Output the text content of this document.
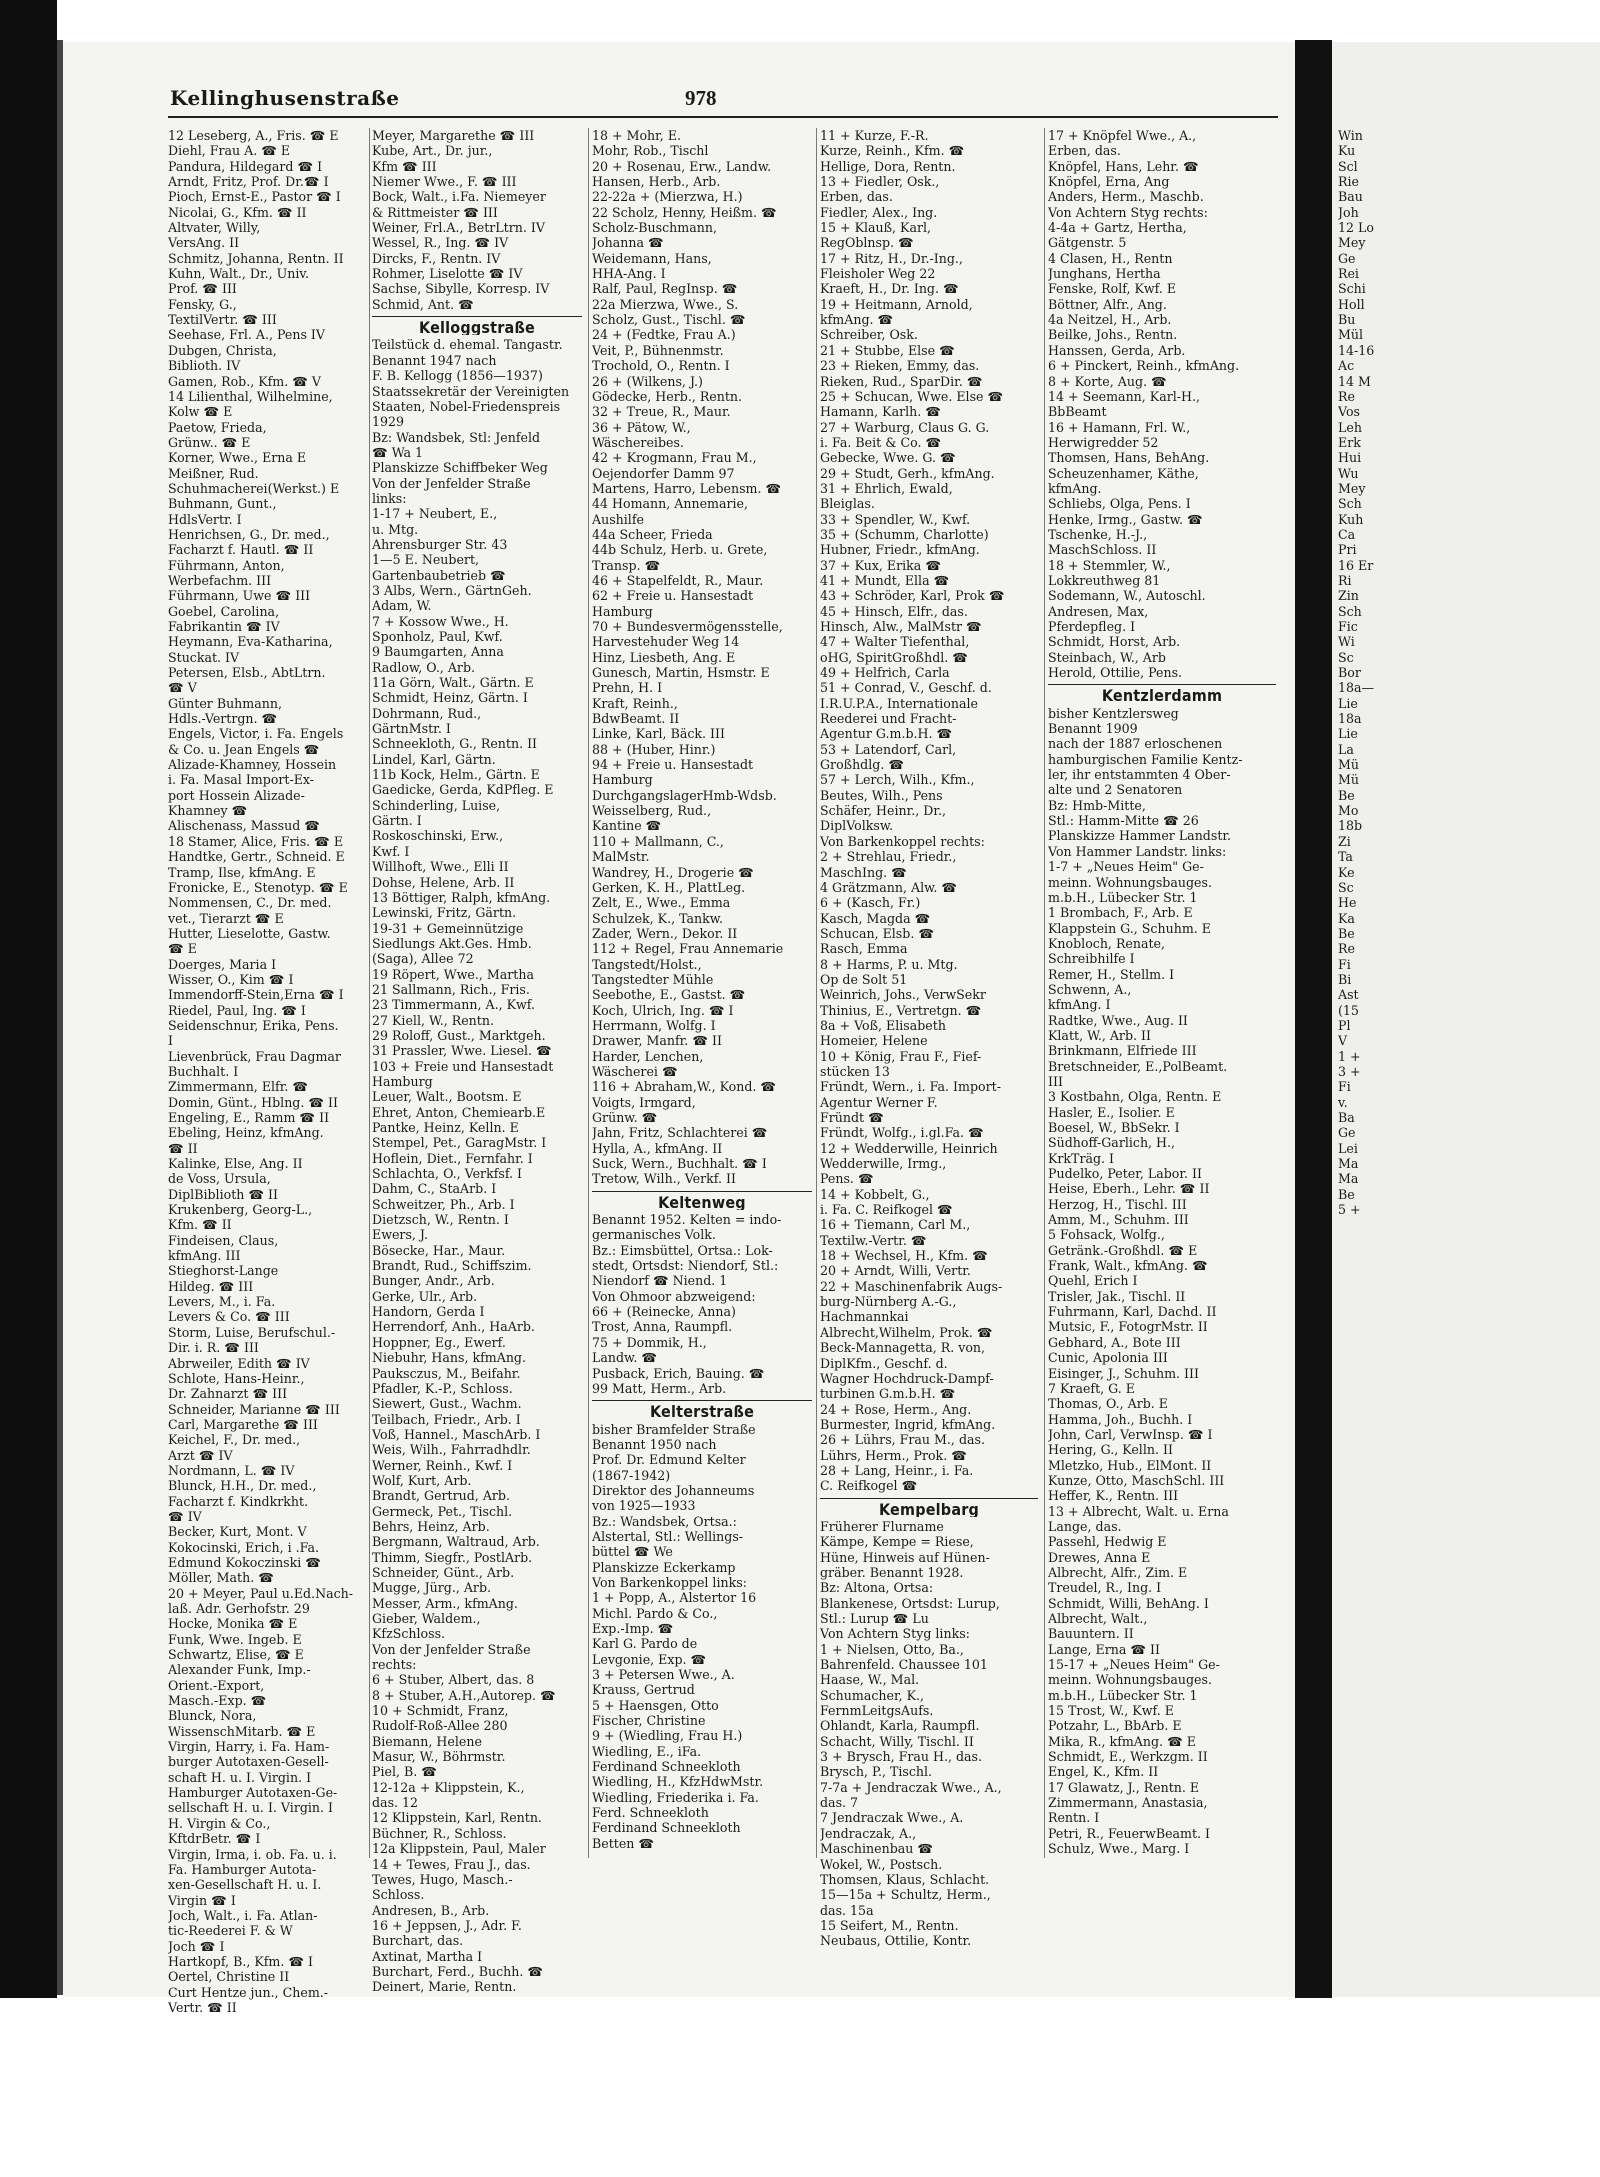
Kellinghusenstraße	978
12 Leseberg, A., Fris. ☎ E
Diehl, Frau A. ☎ E
Pandura, Hildegard ☎ I
Arndt, Fritz, Prof. Dr.☎ I
Pioch, Ernst-E., Pastor ☎ I
Nicolai, G., Kfm. ☎ II
Altvater, Willy,
VersAng. II
Schmitz, Johanna, Rentn. II
Kuhn, Walt., Dr., Univ.
Prof. ☎ III
Fensky, G.,
TextilVertr. ☎ III
Seehase, Frl. A., Pens IV
Dubgen, Christa,
Biblioth. IV
Gamen, Rob., Kfm. ☎ V
14 Lilienthal, Wilhelmine,
Kolw ☎ E
Paetow, Frieda,
Grünw.. ☎ E
Korner, Wwe., Erna E
Meißner, Rud.
Schuhmacherei(Werkst.) E
Buhmann, Gunt.,
HdlsVertr. I
Henrichsen, G., Dr. med.,
Facharzt f. Hautl. ☎ II
Führmann, Anton,
Werbefachm. III
Führmann, Uwe ☎ III
Goebel, Carolina,
Fabrikantin ☎ IV
Heymann, Eva-Katharina,
Stuckat. IV
Petersen, Elsb., AbtLtrn.
☎ V
Günter Buhmann,
Hdls.-Vertrgn. ☎
Engels, Victor, i. Fa. Engels
& Co. u. Jean Engels ☎
Alizade-Khamney, Hossein
i. Fa. Masal Import-Ex-
port Hossein Alizade-
Khamney ☎
Alischenass, Massud ☎
18 Stamer, Alice, Fris. ☎ E
Handtke, Gertr., Schneid. E
Tramp, Ilse, kfmAng. E
Fronicke, E., Stenotyp. ☎ E
Nommensen, C., Dr. med.
vet., Tierarzt ☎ E
Hutter, Lieselotte, Gastw.
☎ E
Doerges, Maria I
Wisser, O., Kim ☎ I
Immendorff-Stein,Erna ☎ I
Riedel, Paul, Ing. ☎ I
Seidenschnur, Erika, Pens.
I
Lievenbrück, Frau Dagmar
Buchhalt. I
Zimmermann, Elfr. ☎
Domin, Günt., Hblng. ☎ II
Engeling, E., Ramm ☎ II
Ebeling, Heinz, kfmAng.
☎ II
Kalinke, Else, Ang. II
de Voss, Ursula,
DiplBiblioth ☎ II
Krukenberg, Georg-L.,
Kfm. ☎ II
Findeisen, Claus,
kfmAng. III
Stieghorst-Lange
Hildeg. ☎ III
Levers, M., i. Fa.
Levers & Co. ☎ III
Storm, Luise, Berufschul.-
Dir. i. R. ☎ III
Abrweiler, Edith ☎ IV
Schlote, Hans-Heinr.,
Dr. Zahnarzt ☎ III
Schneider, Marianne ☎ III
Carl, Margarethe ☎ III
Keichel, F., Dr. med.,
Arzt ☎ IV
Nordmann, L. ☎ IV
Blunck, H.H., Dr. med.,
Facharzt f. Kindkrkht.
☎ IV
Becker, Kurt, Mont. V
Kokocinski, Erich, i .Fa.
Edmund Kokoczinski ☎
Möller, Math. ☎
20 + Meyer, Paul u.Ed.Nach-
laß. Adr. Gerhofstr. 29
Hocke, Monika ☎ E
Funk, Wwe. Ingeb. E
Schwartz, Elise, ☎ E
Alexander Funk, Imp.-
Orient.-Export,
Masch.-Exp. ☎
Blunck, Nora,
WissenschMitarb. ☎ E
Virgin, Harry, i. Fa. Ham-
burger Autotaxen-Gesell-
schaft H. u. I. Virgin. I
Hamburger Autotaxen-Ge-
sellschaft H. u. I. Virgin. I
H. Virgin & Co.,
KftdrBetr. ☎ I
Virgin, Irma, i. ob. Fa. u. i.
Fa. Hamburger Autota-
xen-Gesellschaft H. u. I.
Virgin ☎ I
Joch, Walt., i. Fa. Atlan-
tic-Reederei F. & W
Joch ☎ I
Hartkopf, B., Kfm. ☎ I
Oertel, Christine II
Curt Hentze jun., Chem.-
Vertr. ☎ II
Meyer, Margarethe ☎ III
Kube, Art., Dr. jur.,
Kfm ☎ III
Niemer Wwe., F. ☎ III
Bock, Walt., i.Fa. Niemeyer
& Rittmeister ☎ III
Weiner, Frl.A., BetrLtrn. IV
Wessel, R., Ing. ☎ IV
Dircks, F., Rentn. IV
Rohmer, Liselotte ☎ IV
Sachse, Sibylle, Korresp. IV
Schmid, Ant. ☎
Kelloggstraße
Teilstück d. ehemal. Tangastr.
Benannt 1947 nach
F. B. Kellogg (1856—1937)
Staatssekretär der Vereinigten
Staaten, Nobel-Friedenspreis
1929
Bz: Wandsbek, Stl: Jenfeld
☎ Wa 1
Planskizze Schiffbeker Weg
Von der Jenfelder Straße
links:
1-17 + Neubert, E.,
u. Mtg.
Ahrensburger Str. 43
1—5 E. Neubert,
Gartenbaubetrieb ☎
3 Albs, Wern., GärtnGeh.
Adam, W.
7 + Kossow Wwe., H.
Sponholz, Paul, Kwf.
9 Baumgarten, Anna
Radlow, O., Arb.
11a Görn, Walt., Gärtn. E
Schmidt, Heinz, Gärtn. I
Dohrmann, Rud.,
GärtnMstr. I
Schneekloth, G., Rentn. II
Lindel, Karl, Gärtn.
11b Kock, Helm., Gärtn. E
Gaedicke, Gerda, KdPfleg. E
Schinderling, Luise,
Gärtn. I
Roskoschinski, Erw.,
Kwf. I
Willhoft, Wwe., Elli II
Dohse, Helene, Arb. II
13 Böttiger, Ralph, kfmAng.
Lewinski, Fritz, Gärtn.
19-31 + Gemeinnützige
Siedlungs Akt.Ges. Hmb.
(Saga), Allee 72
19 Röpert, Wwe., Martha
21 Sallmann, Rich., Fris.
23 Timmermann, A., Kwf.
27 Kiell, W., Rentn.
29 Roloff, Gust., Marktgeh.
31 Prassler, Wwe. Liesel. ☎
103 + Freie und Hansestadt
Hamburg
Leuer, Walt., Bootsm. E
Ehret, Anton, Chemiearb.E
Pantke, Heinz, Kelln. E
Stempel, Pet., GaragMstr. I
Hoflein, Diet., Fernfahr. I
Schlachta, O., Verkfsf. I
Dahm, C., StaArb. I
Schweitzer, Ph., Arb. I
Dietzsch, W., Rentn. I
Ewers, J.
Bösecke, Har., Maur.
Brandt, Rud., Schiffszim.
Bunger, Andr., Arb.
Gerke, Ulr., Arb.
Handorn, Gerda I
Herrendorf, Anh., HaArb.
Hoppner, Eg., Ewerf.
Niebuhr, Hans, kfmAng.
Pauksczus, M., Beifahr.
Pfadler, K.-P., Schloss.
Siewert, Gust., Wachm.
Teilbach, Friedr., Arb. I
Voß, Hannel., MaschArb. I
Weis, Wilh., Fahrradhdlr.
Werner, Reinh., Kwf. I
Wolf, Kurt, Arb.
Brandt, Gertrud, Arb.
Germeck, Pet., Tischl.
Behrs, Heinz, Arb.
Bergmann, Waltraud, Arb.
Thimm, Siegfr., PostlArb.
Schneider, Günt., Arb.
Mugge, Jürg., Arb.
Messer, Arm., kfmAng.
Gieber, Waldem.,
KfzSchloss.
Von der Jenfelder Straße
rechts:
6 + Stuber, Albert, das. 8
8 + Stuber, A.H.,Autorep. ☎
10 + Schmidt, Franz,
Rudolf-Roß-Allee 280
Biemann, Helene
Masur, W., Böhrmstr.
Piel, B. ☎
12-12a + Klippstein, K.,
das. 12
12 Klippstein, Karl, Rentn.
Büchner, R., Schloss.
12a Klippstein, Paul, Maler
14 + Tewes, Frau J., das.
Tewes, Hugo, Masch.-
Schloss.
Andresen, B., Arb.
16 + Jeppsen, J., Adr. F.
Burchart, das.
Axtinat, Martha I
Burchart, Ferd., Buchh. ☎
Deinert, Marie, Rentn.
18 + Mohr, E.
Mohr, Rob., Tischl
20 + Rosenau, Erw., Landw.
Hansen, Herb., Arb.
22-22a + (Mierzwa, H.)
22 Scholz, Henny, Heißm. ☎
Scholz-Buschmann,
Johanna ☎
Weidemann, Hans,
HHA-Ang. I
Ralf, Paul, RegInsp. ☎
22a Mierzwa, Wwe., S.
Scholz, Gust., Tischl. ☎
24 + (Fedtke, Frau A.)
Veit, P., Bühnenmstr.
Trochold, O., Rentn. I
26 + (Wilkens, J.)
Gödecke, Herb., Rentn.
32 + Treue, R., Maur.
36 + Pätow, W.,
Wäschereibes.
42 + Krogmann, Frau M.,
Oejendorfer Damm 97
Martens, Harro, Lebensm. ☎
44 Homann, Annemarie,
Aushilfe
44a Scheer, Frieda
44b Schulz, Herb. u. Grete,
Transp. ☎
46 + Stapelfeldt, R., Maur.
62 + Freie u. Hansestadt
Hamburg
70 + Bundesvermögensstelle,
Harvestehuder Weg 14
Hinz, Liesbeth, Ang. E
Gunesch, Martin, Hsmstr. E
Prehn, H. I
Kraft, Reinh.,
BdwBeamt. II
Linke, Karl, Bäck. III
88 + (Huber, Hinr.)
94 + Freie u. Hansestadt
Hamburg
DurchgangslagerHmb-Wdsb.
Weisselberg, Rud.,
Kantine ☎
110 + Mallmann, C.,
MalMstr.
Wandrey, H., Drogerie ☎
Gerken, K. H., PlattLeg.
Zelt, E., Wwe., Emma
Schulzek, K., Tankw.
Zader, Wern., Dekor. II
112 + Regel, Frau Annemarie
Tangstedt/Holst.,
Tangstedter Mühle
Seebothe, E., Gastst. ☎
Koch, Ulrich, Ing. ☎ I
Herrmann, Wolfg. I
Drawer, Manfr. ☎ II
Harder, Lenchen,
Wäscherei ☎
116 + Abraham,W., Kond. ☎
Voigts, Irmgard,
Grünw. ☎
Jahn, Fritz, Schlachterei ☎
Hylla, A., kfmAng. II
Suck, Wern., Buchhalt. ☎ I
Tretow, Wilh., Verkf. II
Keltenweg
Benannt 1952. Kelten = indo-
germanisches Volk.
Bz.: Eimsbüttel, Ortsa.: Lok-
stedt, Ortsdst: Niendorf, Stl.:
Niendorf ☎ Niend. 1
Von Ohmoor abzweigend:
66 + (Reinecke, Anna)
Trost, Anna, Raumpfl.
75 + Dommik, H.,
Landw. ☎
Pusback, Erich, Bauing. ☎
99 Matt, Herm., Arb.
Kelterstraße
bisher Bramfelder Straße
Benannt 1950 nach
Prof. Dr. Edmund Kelter
(1867-1942)
Direktor des Johanneums
von 1925—1933
Bz.: Wandsbek, Ortsa.:
Alstertal, Stl.: Wellings-
büttel ☎ We
Planskizze Eckerkamp
Von Barkenkoppel links:
1 + Popp, A., Alstertor 16
Michl. Pardo & Co.,
Exp.-Imp. ☎
Karl G. Pardo de
Levgonie, Exp. ☎
3 + Petersen Wwe., A.
Krauss, Gertrud
5 + Haensgen, Otto
Fischer, Christine
9 + (Wiedling, Frau H.)
Wiedling, E., iFa.
Ferdinand Schneekloth
Wiedling, H., KfzHdwMstr.
Wiedling, Friederika i. Fa.
Ferd. Schneekloth
Ferdinand Schneekloth
Betten ☎
11 + Kurze, F.-R.
Kurze, Reinh., Kfm. ☎
Hellige, Dora, Rentn.
13 + Fiedler, Osk.,
Erben, das.
Fiedler, Alex., Ing.
15 + Klauß, Karl,
RegOblnsp. ☎
17 + Ritz, H., Dr.-Ing.,
Fleisholer Weg 22
Kraeft, H., Dr. Ing. ☎
19 + Heitmann, Arnold,
kfmAng. ☎
Schreiber, Osk.
21 + Stubbe, Else ☎
23 + Rieken, Emmy, das.
Rieken, Rud., SparDir. ☎
25 + Schucan, Wwe. Else ☎
Hamann, Karlh. ☎
27 + Warburg, Claus G. G.
i. Fa. Beit & Co. ☎
Gebecke, Wwe. G. ☎
29 + Studt, Gerh., kfmAng.
31 + Ehrlich, Ewald,
Bleiglas.
33 + Spendler, W., Kwf.
35 + (Schumm, Charlotte)
Hubner, Friedr., kfmAng.
37 + Kux, Erika ☎
41 + Mundt, Ella ☎
43 + Schröder, Karl, Prok ☎
45 + Hinsch, Elfr., das.
Hinsch, Alw., MalMstr ☎
47 + Walter Tiefenthal,
oHG, SpiritGroßhdl. ☎
49 + Helfrich, Carla
51 + Conrad, V., Geschf. d.
I.R.U.P.A., Internationale
Reederei und Fracht-
Agentur G.m.b.H. ☎
53 + Latendorf, Carl,
Großhdlg. ☎
57 + Lerch, Wilh., Kfm.,
Beutes, Wilh., Pens
Schäfer, Heinr., Dr.,
DiplVolksw.
Von Barkenkoppel rechts:
2 + Strehlau, Friedr.,
MaschIng. ☎
4 Grätzmann, Alw. ☎
6 + (Kasch, Fr.)
Kasch, Magda ☎
Schucan, Elsb. ☎
Rasch, Emma
8 + Harms, P. u. Mtg.
Op de Solt 51
Weinrich, Johs., VerwSekr
Thinius, E., Vertretgn. ☎
8a + Voß, Elisabeth
Homeier, Helene
10 + König, Frau F., Fief-
stücken 13
Fründt, Wern., i. Fa. Import-
Agentur Werner F.
Fründt ☎
Fründt, Wolfg., i.gl.Fa. ☎
12 + Wedderwille, Heinrich
Wedderwille, Irmg.,
Pens. ☎
14 + Kobbelt, G.,
i. Fa. C. Reifkogel ☎
16 + Tiemann, Carl M.,
Textilw.-Vertr. ☎
18 + Wechsel, H., Kfm. ☎
20 + Arndt, Willi, Vertr.
22 + Maschinenfabrik Augs-
burg-Nürnberg A.-G.,
Hachmannkai
Albrecht,Wilhelm, Prok. ☎
Beck-Mannagetta, R. von,
DiplKfm., Geschf. d.
Wagner Hochdruck-Dampf-
turbinen G.m.b.H. ☎
24 + Rose, Herm., Ang.
Burmester, Ingrid, kfmAng.
26 + Lührs, Frau M., das.
Lührs, Herm., Prok. ☎
28 + Lang, Heinr., i. Fa.
C. Reifkogel ☎
Kempelbarg
Früherer Flurname
Kämpe, Kempe = Riese,
Hüne, Hinweis auf Hünen-
gräber. Benannt 1928.
Bz: Altona, Ortsa:
Blankenese, Ortsdst: Lurup,
Stl.: Lurup ☎ Lu
Von Achtern Styg links:
1 + Nielsen, Otto, Ba.,
Bahrenfeld. Chaussee 101
Haase, W., Mal.
Schumacher, K.,
FernmLeitgsAufs.
Ohlandt, Karla, Raumpfl.
Schacht, Willy, Tischl. II
3 + Brysch, Frau H., das.
Brysch, P., Tischl.
7-7a + Jendraczak Wwe., A.,
das. 7
7 Jendraczak Wwe., A.
Jendraczak, A.,
Maschinenbau ☎
Wokel, W., Postsch.
Thomsen, Klaus, Schlacht.
15—15a + Schultz, Herm.,
das. 15a
15 Seifert, M., Rentn.
Neubaus, Ottilie, Kontr.
17 + Knöpfel Wwe., A.,
Erben, das.
Knöpfel, Hans, Lehr. ☎
Knöpfel, Erna, Ang
Anders, Herm., Maschb.
Von Achtern Styg rechts:
4-4a + Gartz, Hertha,
Gätgenstr. 5
4 Clasen, H., Rentn
Junghans, Hertha
Fenske, Rolf, Kwf. E
Böttner, Alfr., Ang.
4a Neitzel, H., Arb.
Beilke, Johs., Rentn.
Hanssen, Gerda, Arb.
6 + Pinckert, Reinh., kfmAng.
8 + Korte, Aug. ☎
14 + Seemann, Karl-H.,
BbBeamt
16 + Hamann, Frl. W.,
Herwigredder 52
Thomsen, Hans, BehAng.
Scheuzenhamer, Käthe,
kfmAng.
Schliebs, Olga, Pens. I
Henke, Irmg., Gastw. ☎
Tschenke, H.-J.,
MaschSchloss. II
18 + Stemmler, W.,
Lokkreuthweg 81
Sodemann, W., Autoschl.
Andresen, Max,
Pferdepfleg. I
Schmidt, Horst, Arb.
Steinbach, W., Arb
Herold, Ottilie, Pens.
Kentzlerdamm
bisher Kentzlersweg
Benannt 1909
nach der 1887 erloschenen
hamburgischen Familie Kentz-
ler, ihr entstammten 4 Ober-
alte und 2 Senatoren
Bz: Hmb-Mitte,
Stl.: Hamm-Mitte ☎ 26
Planskizze Hammer Landstr.
Von Hammer Landstr. links:
1-7 + „Neues Heim" Ge-
meinn. Wohnungsbauges.
m.b.H., Lübecker Str. 1
1 Brombach, F., Arb. E
Klappstein G., Schuhm. E
Knobloch, Renate,
Schreibhilfe I
Remer, H., Stellm. I
Schwenn, A.,
kfmAng. I
Radtke, Wwe., Aug. II
Klatt, W., Arb. II
Brinkmann, Elfriede III
Bretschneider, E.,PolBeamt.
III
3 Kostbahn, Olga, Rentn. E
Hasler, E., Isolier. E
Boesel, W., BbSekr. I
Südhoff-Garlich, H.,
KrkTräg. I
Pudelko, Peter, Labor. II
Heise, Eberh., Lehr. ☎ II
Herzog, H., Tischl. III
Amm, M., Schuhm. III
5 Fohsack, Wolfg.,
Getränk.-Großhdl. ☎ E
Frank, Walt., kfmAng. ☎
Quehl, Erich I
Trisler, Jak., Tischl. II
Fuhrmann, Karl, Dachd. II
Mutsic, F., FotogrMstr. II
Gebhard, A., Bote III
Cunic, Apolonia III
Eisinger, J., Schuhm. III
7 Kraeft, G. E
Thomas, O., Arb. E
Hamma, Joh., Buchh. I
John, Carl, VerwInsp. ☎ I
Hering, G., Kelln. II
Mletzko, Hub., ElMont. II
Kunze, Otto, MaschSchl. III
Heffer, K., Rentn. III
13 + Albrecht, Walt. u. Erna
Lange, das.
Passehl, Hedwig E
Drewes, Anna E
Albrecht, Alfr., Zim. E
Treudel, R., Ing. I
Schmidt, Willi, BehAng. I
Albrecht, Walt.,
Bauuntern. II
Lange, Erna ☎ II
15-17 + „Neues Heim" Ge-
meinn. Wohnungsbauges.
m.b.H., Lübecker Str. 1
15 Trost, W., Kwf. E
Potzahr, L., BbArb. E
Mika, R., kfmAng. ☎ E
Schmidt, E., Werkzgm. II
Engel, K., Kfm. II
17 Glawatz, J., Rentn. E
Zimmermann, Anastasia,
Rentn. I
Petri, R., FeuerwBeamt. I
Schulz, Wwe., Marg. I
Win
Ku
Scl
Rie
Bau
Joh
12 Lo
Mey
Ge
Rei
Schi
Holl
Bu
Mül
14-16
Ac
14 M
Re
Vos
Leh
Erk
Hui
Wu
Mey
Sch
Kuh
Ca
Pri
16 Er
Ri
Zin
Sch
Fic
Wi
Sc
Bor
18a—
Lie
18a
Lie
La
Mü
Mü
Be
Mo
18b
Zi
Ta
Ke
Sc
He
Ka
Be
Re
Fi
Bi
Ast
(15
Pl
V
1 +
3 +
Fi
v.
Ba
Ge
Lei
Ma
Ma
Be
5 +
